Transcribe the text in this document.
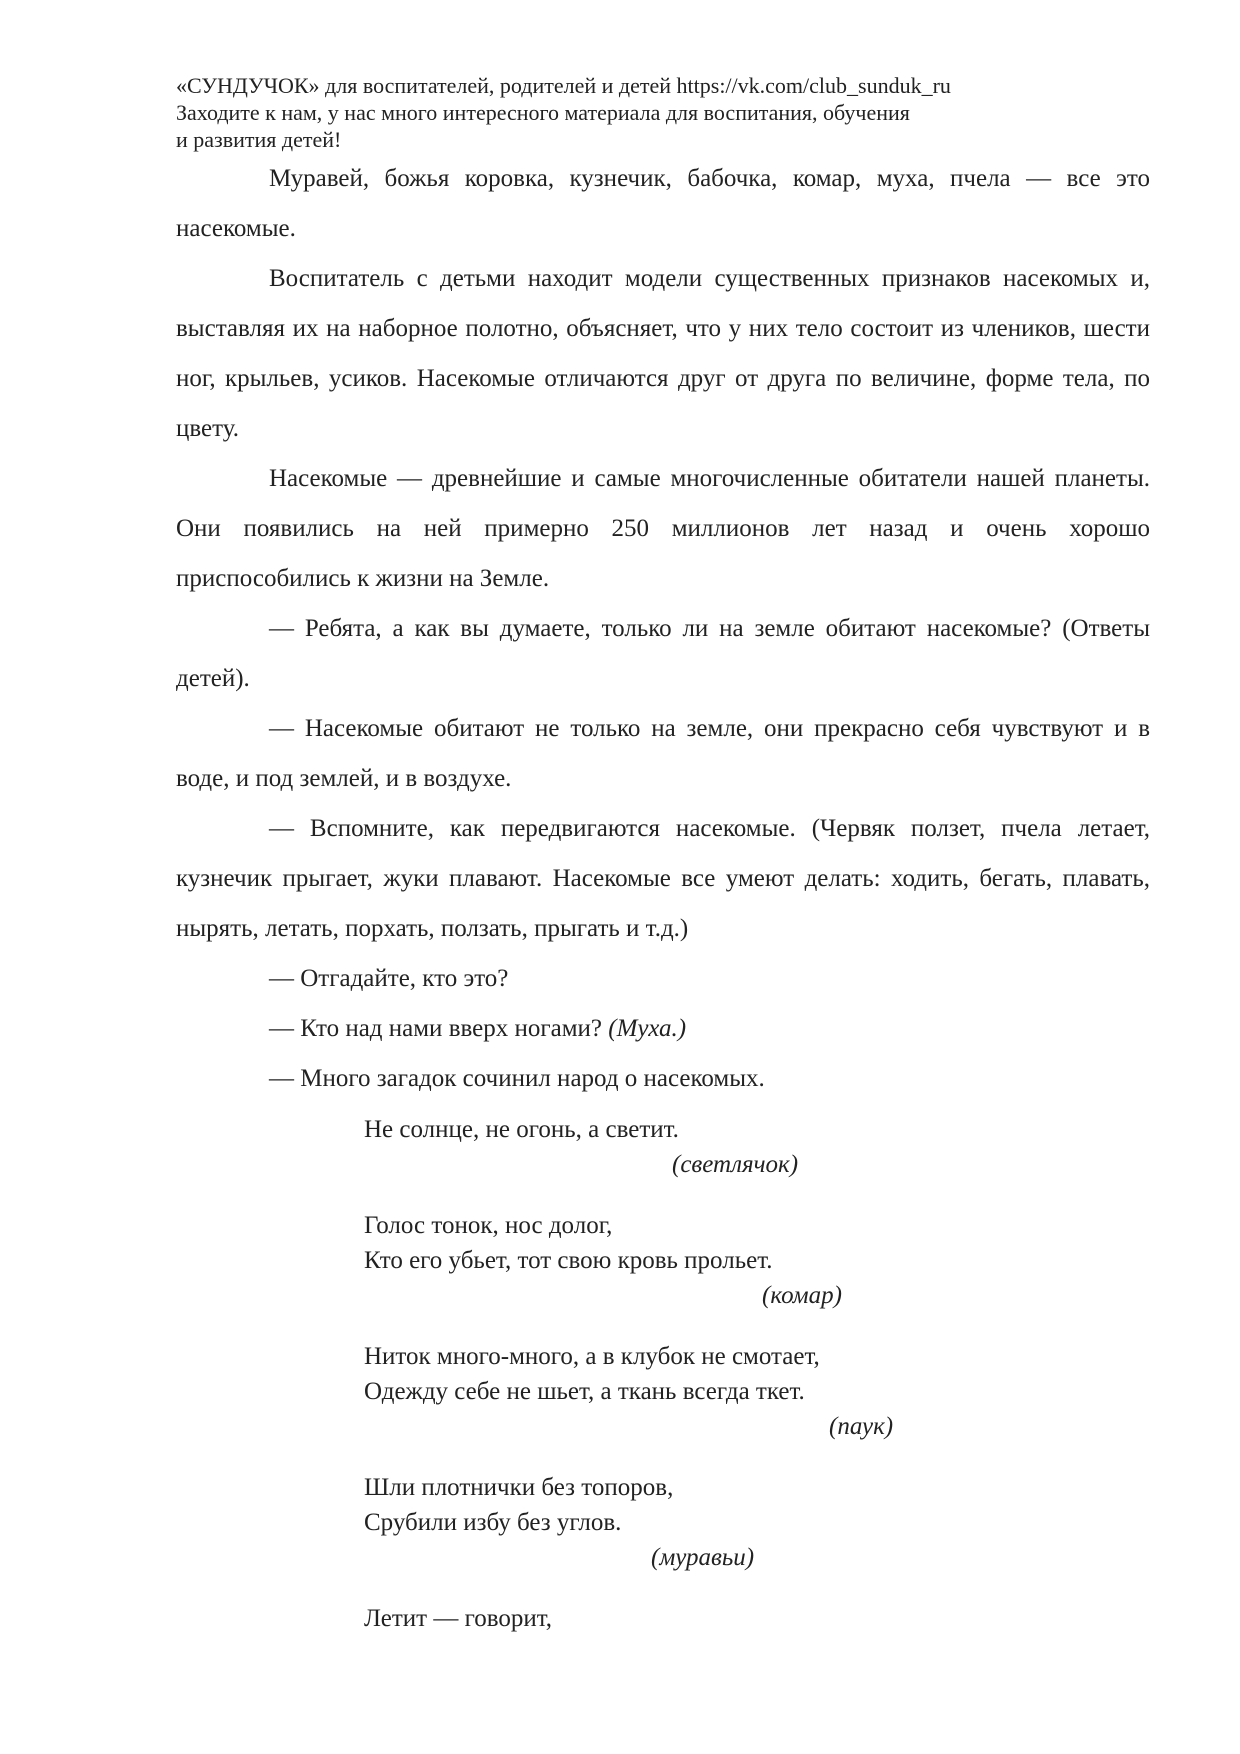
«СУНДУЧОК» для воспитателей, родителей и детей https://vk.com/club_sunduk_ru
Заходите к нам, у нас много интересного материала для воспитания, обучения
и развития детей!

Муравей, божья коровка, кузнечик, бабочка, комар, муха, пчела — все это насекомые.

Воспитатель с детьми находит модели существенных признаков насекомых и, выставляя их на наборное полотно, объясняет, что у них тело состоит из члеников, шести ног, крыльев, усиков. Насекомые отличаются друг от друга по величине, форме тела, по цвету.

Насекомые — древнейшие и самые многочисленные обитатели нашей планеты. Они появились на ней примерно 250 миллионов лет назад и очень хорошо приспособились к жизни на Земле.

— Ребята, а как вы думаете, только ли на земле обитают насекомые? (Ответы детей).

— Насекомые обитают не только на земле, они прекрасно себя чувствуют и в воде, и под землей, и в воздухе.

— Вспомните, как передвигаются насекомые. (Червяк ползет, пчела летает, кузнечик прыгает, жуки плавают. Насекомые все умеют делать: ходить, бегать, плавать, нырять, летать, порхать, ползать, прыгать и т.д.)

— Отгадайте, кто это?

— Кто над нами вверх ногами? (Муха.)

— Много загадок сочинил народ о насекомых.

Не солнце, не огонь, а светит.
(светлячок)
Голос тонок, нос долог,
Кто его убьет, тот свою кровь прольет.
(комар)
Ниток много-много, а в клубок не смотает,
Одежду себе не шьет, а ткань всегда ткет.
(паук)
Шли плотнички без топоров,
Срубили избу без углов.
(муравьи)
Летит — говорит,
